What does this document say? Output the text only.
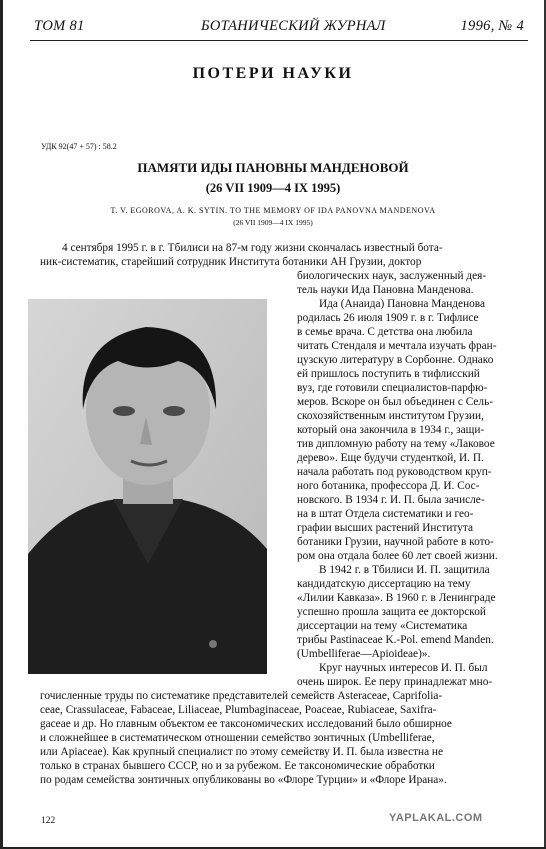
ТОМ 81	БОТАНИЧЕСКИЙ ЖУРНАЛ	1996, № 4
ПОТЕРИ НАУКИ
УДК 92(47 + 57) : 58.2
ПАМЯТИ ИДЫ ПАНОВНЫ МАНДЕНОВОЙ
(26 VII 1909—4 IX 1995)
T. V. EGOROVA, A. K. SYTIN. TO THE MEMORY OF IDA PANOVNA MANDENOVA
(26 VII 1909—4 IX 1995)
4 сентября 1995 г. в г. Тбилиси на 87-м году жизни скончалась известный бота-
ник-систематик, старейший сотрудник Института ботаники АН Грузии, доктор
биологических наук, заслуженный дея-
тель науки Ида Пановна Манденова.
Ида (Анаида) Пановна Манденова
родилась 26 июля 1909 г. в г. Тифлисе
в семье врача. С детства она любила
читать Стендаля и мечтала изучать фран-
цузскую литературу в Сорбонне. Однако
ей пришлось поступить в тифлисский
вуз, где готовили специалистов-парфю-
меров. Вскоре он был объединен с Сель-
скохозяйственным институтом Грузии,
который она закончила в 1934 г., защи-
тив дипломную работу на тему «Лаковое
дерево». Еще будучи студенткой, И. П.
начала работать под руководством круп-
ного ботаника, профессора Д. И. Сос-
новского. В 1934 г. И. П. была зачисле-
на в штат Отдела систематики и гео-
графии высших растений Института
ботаники Грузии, научной работе в кото-
ром она отдала более 60 лет своей жизни.
В 1942 г. в Тбилиси И. П. защитила
кандидатскую диссертацию на тему
«Лилии Кавказа». В 1960 г. в Ленинграде
успешно прошла защита ее докторской
диссертации на тему «Систематика
трибы Pastinaceae K.-Pol. emend Manden.
(Umbelliferae—Apioideae)».
Круг научных интересов И. П. был
очень широк. Ее перу принадлежат мно-
гочисленные труды по систематике представителей семейств Asteraceae, Caprifolia-
ceae, Crassulaceae, Fabaceae, Liliaceae, Plumbaginaceae, Poaceae, Rubiaceae, Saxifra-
gaceae и др. Но главным объектом ее таксономических исследований было обширное
и сложнейшее в систематическом отношении семейство зонтичных (Umbelliferae,
или Apiaceae). Как крупный специалист по этому семейству И. П. была известна не
только в странах бывшего СССР, но и за рубежом. Ее таксономические обработки
по родам семейства зонтичных опубликованы во «Флоре Турции» и «Флоре Ирана».
122	YAPLAKAL.COM
